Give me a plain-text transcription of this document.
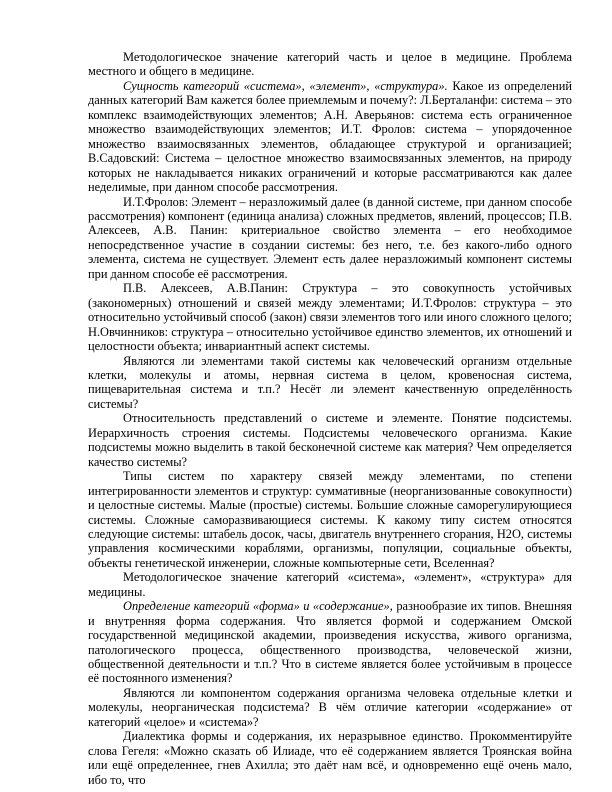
Методологическое значение категорий часть и целое в медицине. Проблема местного и общего в медицине.

Сущность категорий «система», «элемент», «структура». Какое из определений данных категорий Вам кажется более приемлемым и почему?: Л.Берталанфи: система – это комплекс взаимодействующих элементов; А.Н. Аверьянов: система есть ограниченное множество взаимодействующих элементов; И.Т. Фролов: система – упорядоченное множество взаимосвязанных элементов, обладающее структурой и организацией; В.Садовский: Система – целостное множество взаимосвязанных элементов, на природу которых не накладывается никаких ограничений и которые рассматриваются как далее неделимые, при данном способе рассмотрения.

И.Т.Фролов: Элемент – неразложимый далее (в данной системе, при данном способе рассмотрения) компонент (единица анализа) сложных предметов, явлений, процессов; П.В. Алексеев, А.В. Панин: критериальное свойство элемента – его необходимое непосредственное участие в создании системы: без него, т.е. без какого-либо одного элемента, система не существует. Элемент есть далее неразложимый компонент системы при данном способе её рассмотрения.

П.В. Алексеев, А.В.Панин: Структура – это совокупность устойчивых (закономерных) отношений и связей между элементами; И.Т.Фролов: структура – это относительно устойчивый способ (закон) связи элементов того или иного сложного целого; Н.Овчинников: структура – относительно устойчивое единство элементов, их отношений и целостности объекта; инвариантный аспект системы.

Являются ли элементами такой системы как человеческий организм отдельные клетки, молекулы и атомы, нервная система в целом, кровеносная система, пищеварительная система и т.п.? Несёт ли элемент качественную определённость системы?

Относительность представлений о системе и элементе. Понятие подсистемы. Иерархичность строения системы. Подсистемы человеческого организма. Какие подсистемы можно выделить в такой бесконечной системе как материя? Чем определяется качество системы?

Типы систем по характеру связей между элементами, по степени интегрированности элементов и структур: суммативные (неорганизованные совокупности) и целостные системы. Малые (простые) системы. Большие сложные саморегулирующиеся системы. Сложные саморазвивающиеся системы. К какому типу систем относятся следующие системы: штабель досок, часы, двигатель внутреннего сгорания, Н2О, системы управления космическими кораблями, организмы, популяции, социальные объекты, объекты генетической инженерии, сложные компьютерные сети, Вселенная?

Методологическое значение категорий «система», «элемент», «структура» для медицины.

Определение категорий «форма» и «содержание», разнообразие их типов. Внешняя и внутренняя форма содержания. Что является формой и содержанием Омской государственной медицинской академии, произведения искусства, живого организма, патологического процесса, общественного производства, человеческой жизни, общественной деятельности и т.п.? Что в системе является более устойчивым в процессе её постоянного изменения?

Являются ли компонентом содержания организма человека отдельные клетки и молекулы, неорганическая подсистема? В чём отличие категории «содержание» от категорий «целое» и «система»?

Диалектика формы и содержания, их неразрывное единство. Прокомментируйте слова Гегеля: «Можно сказать об Илиаде, что её содержанием является Троянская война или ещё определеннее, гнев Ахилла; это даёт нам всё, и одновременно ещё очень мало, ибо то, что
